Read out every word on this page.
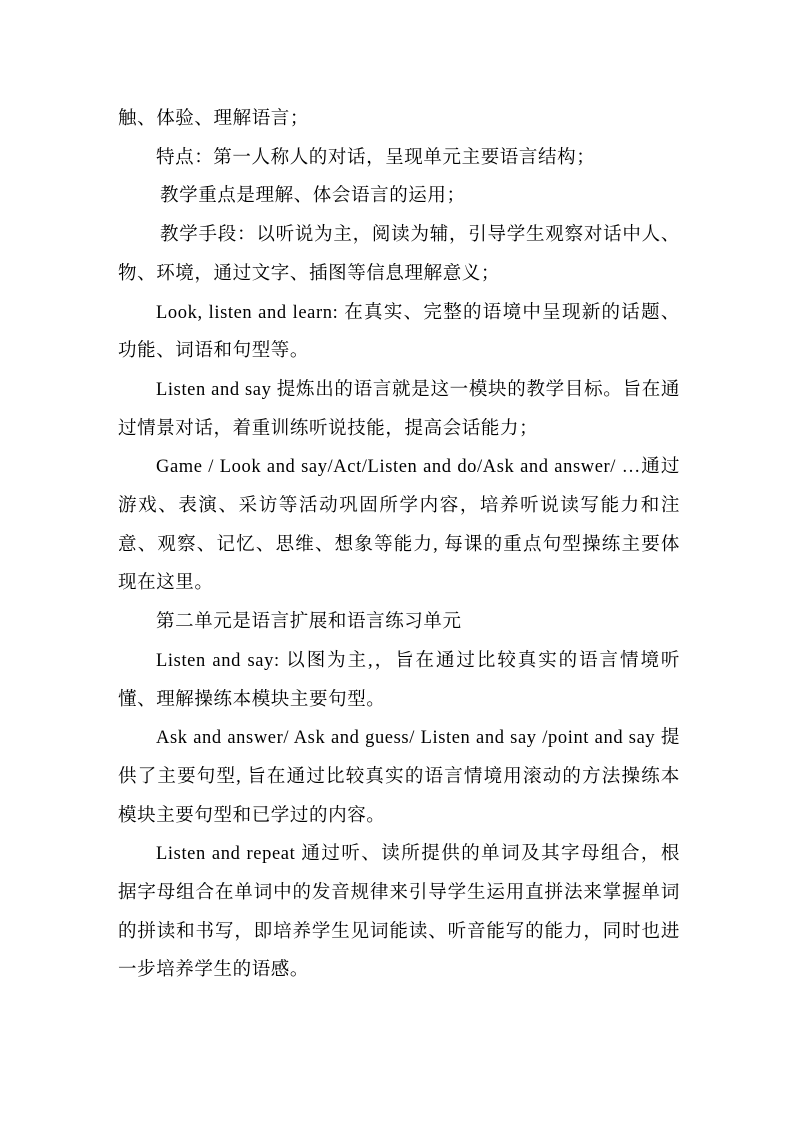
触、体验、理解语言；

特点：第一人称人的对话，呈现单元主要语言结构；

教学重点是理解、体会语言的运用；

教学手段：以听说为主，阅读为辅，引导学生观察对话中人、物、环境，通过文字、插图等信息理解意义；

Look, listen and learn: 在真实、完整的语境中呈现新的话题、功能、词语和句型等。

Listen and say 提炼出的语言就是这一模块的教学目标。旨在通过情景对话，着重训练听说技能，提高会话能力；

Game / Look and say/Act/Listen and do/Ask and answer/ …通过游戏、表演、采访等活动巩固所学内容，培养听说读写能力和注意、观察、记忆、思维、想象等能力, 每课的重点句型操练主要体现在这里。

第二单元是语言扩展和语言练习单元

Listen and say: 以图为主,，旨在通过比较真实的语言情境听懂、理解操练本模块主要句型。

Ask and answer/ Ask and guess/ Listen and say /point and say 提供了主要句型, 旨在通过比较真实的语言情境用滚动的方法操练本模块主要句型和已学过的内容。

Listen and repeat 通过听、读所提供的单词及其字母组合，根据字母组合在单词中的发音规律来引导学生运用直拼法来掌握单词的拼读和书写，即培养学生见词能读、听音能写的能力，同时也进一步培养学生的语感。
